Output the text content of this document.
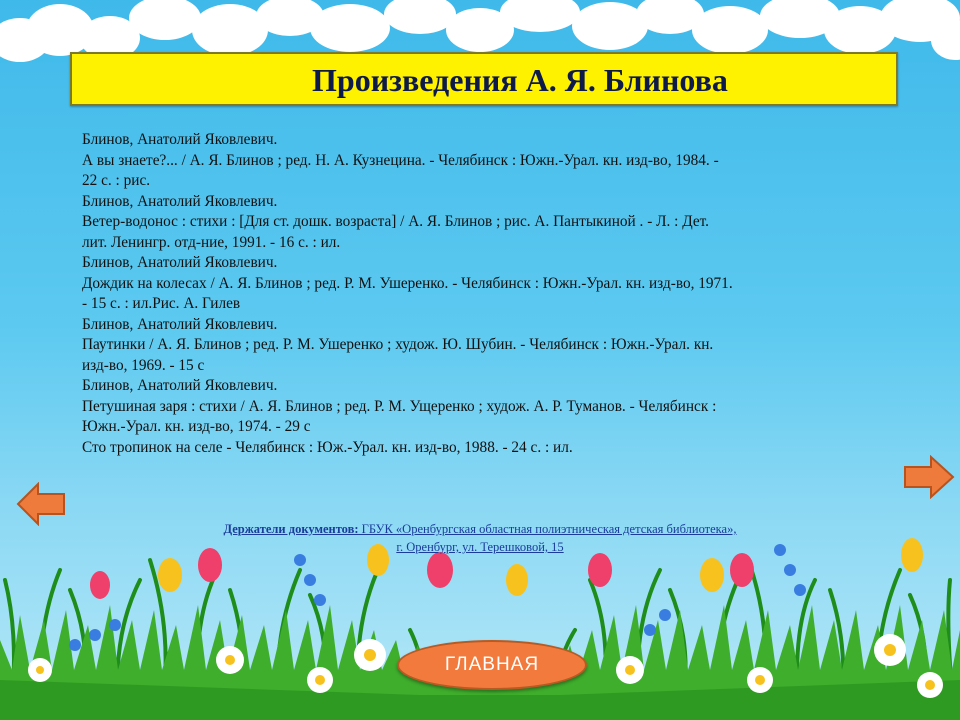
Произведения А. Я. Блинова
Блинов, Анатолий Яковлевич.
А вы знаете?... / А. Я. Блинов ; ред. Н. А. Кузнецина. - Челябинск : Южн.-Урал. кн. изд-во, 1984. -
22 с. : рис.
Блинов, Анатолий Яковлевич.
Ветер-водонос : стихи : [Для ст. дошк. возраста] / А. Я. Блинов ; рис. А. Пантыкиной . - Л. : Дет.
лит. Ленингр. отд-ние, 1991. - 16 с. : ил.
Блинов, Анатолий Яковлевич.
Дождик на колесах / А. Я. Блинов ; ред. Р. М. Ушеренко. - Челябинск : Южн.-Урал. кн. изд-во, 1971.
- 15 с. : ил.Рис. А. Гилев
Блинов, Анатолий Яковлевич.
Паутинки / А. Я. Блинов ; ред. Р. М. Ушеренко ; худож. Ю. Шубин. - Челябинск : Южн.-Урал. кн.
изд-во, 1969. - 15 с
Блинов, Анатолий Яковлевич.
Петушиная заря : стихи / А. Я. Блинов ; ред. Р. М. Ущеренко ; худож. А. Р. Туманов. - Челябинск :
Южн.-Урал. кн. изд-во, 1974. - 29 с
Сто тропинок на селе - Челябинск : Юж.-Урал. кн. изд-во, 1988. - 24 с. : ил.
Держатели документов: ГБУК «Оренбургская областная полиэтническая детская библиотека»,
г. Оренбург, ул. Терешковой, 15
ГЛАВНАЯ
